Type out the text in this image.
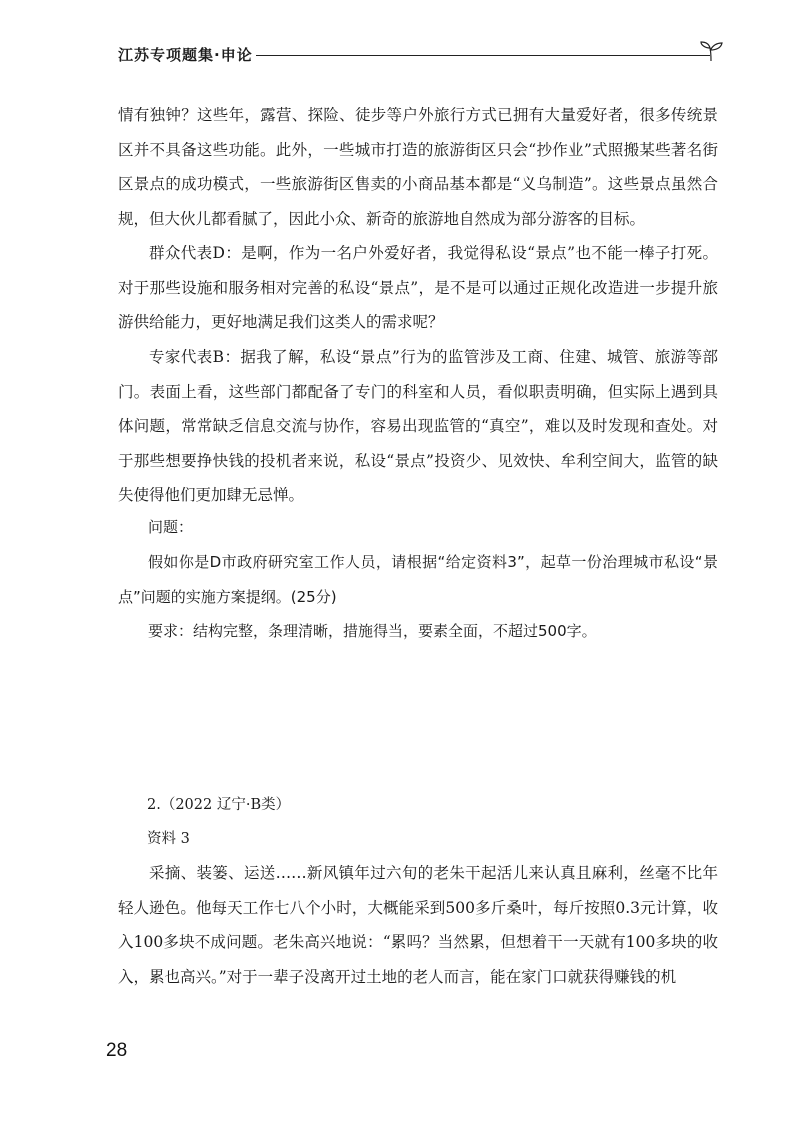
江苏专项题集·申论

情有独钟？这些年，露营、探险、徒步等户外旅行方式已拥有大量爱好者，很多传统景区并不具备这些功能。此外，一些城市打造的旅游街区只会“抄作业”式照搬某些著名街区景点的成功模式，一些旅游街区售卖的小商品基本都是“义乌制造”。这些景点虽然合规，但大伙儿都看腻了，因此小众、新奇的旅游地自然成为部分游客的目标。

群众代表D：是啊，作为一名户外爱好者，我觉得私设“景点”也不能一棒子打死。对于那些设施和服务相对完善的私设“景点”，是不是可以通过正规化改造进一步提升旅游供给能力，更好地满足我们这类人的需求呢？

专家代表B：据我了解，私设“景点”行为的监管涉及工商、住建、城管、旅游等部门。表面上看，这些部门都配备了专门的科室和人员，看似职责明确，但实际上遇到具体问题，常常缺乏信息交流与协作，容易出现监管的“真空”，难以及时发现和查处。对于那些想要挣快钱的投机者来说，私设“景点”投资少、见效快、牟利空间大，监管的缺失使得他们更加肆无忌惮。

问题：

假如你是D市政府研究室工作人员，请根据“给定资料3”，起草一份治理城市私设“景点”问题的实施方案提纲。(25分)

要求：结构完整，条理清晰，措施得当，要素全面，不超过500字。

2.（2022 辽宁·B类）

资料 3

采摘、装篓、运送……新风镇年过六旬的老朱干起活儿来认真且麻利，丝毫不比年轻人逊色。他每天工作七八个小时，大概能采到500多斤桑叶，每斤按照0.3元计算，收入100多块不成问题。老朱高兴地说：“累吗？当然累，但想着干一天就有100多块的收入，累也高兴。”对于一辈子没离开过土地的老人而言，能在家门口就获得赚钱的机

28
